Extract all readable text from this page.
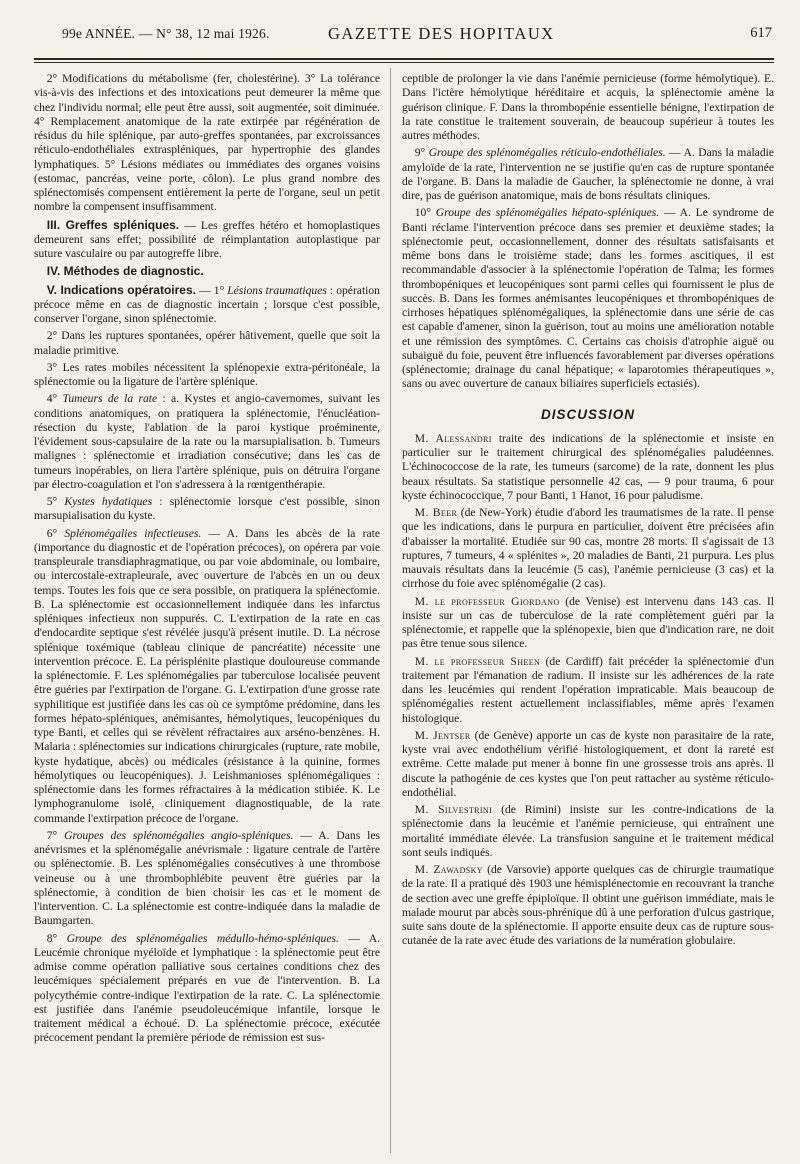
99e ANNÉE. — N° 38, 12 mai 1926.	GAZETTE DES HOPITAUX	617

2° Modifications du métabolisme (fer, cholestérine). 3° La tolérance vis-à-vis des infections et des intoxications peut demeurer la même que chez l'individu normal; elle peut être aussi, soit augmentée, soit diminuée. 4° Remplacement anatomique de la rate extirpée par régénération de résidus du hile splénique, par auto-greffes spontanées, par excroissances réticulo-endothéliales extraspléniques, par hypertrophie des glandes lymphatiques. 5° Lésions médiates ou immédiates des organes voisins (estomac, pancréas, veine porte, côlon). Le plus grand nombre des splénectomisés compensent entièrement la perte de l'organe, seul un petit nombre la compensent insuffisamment.

III. Greffes spléniques. — Les greffes hétéro et homoplastiques demeurent sans effet; possibilité de réimplantation autoplastique par suture vasculaire ou par autogreffe libre.

IV. Méthodes de diagnostic.

V. Indications opératoires. — 1° Lésions traumatiques : opération précoce même en cas de diagnostic incertain ; lorsque c'est possible, conserver l'organe, sinon splénectomie.

2° Dans les ruptures spontanées, opérer hâtivement, quelle que soit la maladie primitive.

3° Les rates mobiles nécessitent la splénopexie extra-péritonéale, la splénectomie ou la ligature de l'artère splénique.

4° Tumeurs de la rate : a. Kystes et angio-cavernomes, suivant les conditions anatomiques, on pratiquera la splénectomie, l'énucléation-résection du kyste, l'ablation de la paroi kystique proéminente, l'évidement sous-capsulaire de la rate ou la marsupialisation. b. Tumeurs malignes : splénectomie et irradiation consécutive; dans les cas de tumeurs inopérables, on liera l'artère splénique, puis on détruira l'organe par électro-coagulation et l'on s'adressera à la rœntgenthérapie.

5° Kystes hydatiques : splénectomie lorsque c'est possible, sinon marsupialisation du kyste.

6° Splénomégalies infectieuses. — A. Dans les abcès de la rate (importance du diagnostic et de l'opération précoces), on opérera par voie transpleurale transdiaphragmatique, ou par voie abdominale, ou lombaire, ou intercostale-extrapleurale, avec ouverture de l'abcès en un ou deux temps. Toutes les fois que ce sera possible, on pratiquera la splénectomie. B. La splénectomie est occasionnellement indiquée dans les infarctus spléniques infectieux non suppurés. C. L'extirpation de la rate en cas d'endocardite septique s'est révélée jusqu'à présent inutile. D. La nécrose splénique toxémique (tableau clinique de pancréatite) nécessite une intervention précoce. E. La périsplénite plastique douloureuse commande la splénectomie. F. Les splénomégalies par tuberculose localisée peuvent être guéries par l'extirpation de l'organe. G. L'extirpation d'une grosse rate syphilitique est justifiée dans les cas où ce symptôme prédomine, dans les formes hépato-spléniques, anémisantes, hémolytiques, leucopéniques du type Banti, et celles qui se révèlent réfractaires aux arséno-benzènes. H. Malaria : splénectomies sur indications chirurgicales (rupture, rate mobile, kyste hydatique, abcès) ou médicales (résistance à la quinine, formes hémolytiques ou leucopéniques). J. Leishmanioses splénomégaliques : splénectomie dans les formes réfractaires à la médication stibiée. K. Le lymphogranulome isolé, cliniquement diagnostiquable, de la rate commande l'extirpation précoce de l'organe.

7° Groupes des splénomégalies angio-spléniques. — A. Dans les anévrismes et la splénomégalie anévrismale : ligature centrale de l'artère ou splénectomie. B. Les splénomégalies consécutives à une thrombose veineuse ou à une thrombophlébite peuvent être guéries par la splénectomie, à condition de bien choisir les cas et le moment de l'intervention. C. La splénectomie est contre-indiquée dans la maladie de Baumgarten.

8° Groupe des splénomégalies médullo-hémo-spléniques. — A. Leucémie chronique myéloïde et lymphatique : la splénectomie peut être admise comme opération palliative sous certaines conditions chez des leucémiques spécialement préparés en vue de l'intervention. B. La polycythémie contre-indique l'extirpation de la rate. C. La splénectomie est justifiée dans l'anémie pseudoleucémique infantile, lorsque le traitement médical a échoué. D. La splénectomie précoce, exécutée précocement pendant la première période de rémission est sus-

ceptible de prolonger la vie dans l'anémie pernicieuse (forme hémolytique). E. Dans l'ictère hémolytique héréditaire et acquis, la splénectomie amène la guérison clinique. F. Dans la thrombopénie essentielle bénigne, l'extirpation de la rate constitue le traitement souverain, de beaucoup supérieur à toutes les autres méthodes.

9° Groupe des splénomégalies réticulo-endothéliales. — A. Dans la maladie amyloïde de la rate, l'intervention ne se justifie qu'en cas de rupture spontanée de l'organe. B. Dans la maladie de Gaucher, la splénectomie ne donne, à vrai dire, pas de guérison anatomique, mais de bons résultats cliniques.

10° Groupe des splénomégalies hépato-spléniques. — A. Le syndrome de Banti réclame l'intervention précoce dans ses premier et deuxième stades; la splénectomie peut, occasionnellement, donner des résultats satisfaisants et même bons dans le troisième stade; dans les formes ascitiques, il est recommandable d'associer à la splénectomie l'opération de Talma; les formes thrombopéniques et leucopéniques sont parmi celles qui fournissent le plus de succès. B. Dans les formes anémisantes leucopéniques et thrombopéniques de cirrhoses hépatiques splénomégaliques, la splénectomie dans une série de cas est capable d'amener, sinon la guérison, tout au moins une amélioration notable et une rémission des symptômes. C. Certains cas choisis d'atrophie aiguë ou subaiguë du foie, peuvent être influencés favorablement par diverses opérations (splénectomie; drainage du canal hépatique; « laparotomies thérapeutiques », sans ou avec ouverture de canaux biliaires superficiels ectasiés).

DISCUSSION

M. Alessandri traite des indications de la splénectomie et insiste en particulier sur le traitement chirurgical des splénomégalies paludéennes. L'échinococcose de la rate, les tumeurs (sarcome) de la rate, donnent les plus beaux résultats. Sa statistique personnelle 42 cas, — 9 pour trauma, 6 pour kyste échinococcique, 7 pour Banti, 1 Hanot, 16 pour paludisme.

M. Beer (de New-York) étudie d'abord les traumatismes de la rate. Il pense que les indications, dans le purpura en particulier, doivent être précisées afin d'abaisser la mortalité. Etudiée sur 90 cas, montre 28 morts. Il s'agissait de 13 ruptures, 7 tumeurs, 4 « splénites », 20 maladies de Banti, 21 purpura. Les plus mauvais résultats dans la leucémie (5 cas), l'anémie pernicieuse (3 cas) et la cirrhose du foie avec splénomégalie (2 cas).

M. le professeur Giordano (de Venise) est intervenu dans 143 cas. Il insiste sur un cas de tuberculose de la rate complètement guéri par la splénectomie, et rappelle que la splénopexie, bien que d'indication rare, ne doit pas être tenue sous silence.

M. le professeur Sheen (de Cardiff) fait précéder la splénectomie d'un traitement par l'émanation de radium. Il insiste sur les adhérences de la rate dans les leucémies qui rendent l'opération impraticable. Mais beaucoup de splénomégalies restent actuellement inclassifiables, même après l'examen histologique.

M. Jentser (de Genève) apporte un cas de kyste non parasitaire de la rate, kyste vrai avec endothélium vérifié histologiquement, et dont la rareté est extrême. Cette malade put mener à bonne fin une grossesse trois ans après. Il discute la pathogénie de ces kystes que l'on peut rattacher au système réticulo-endothélial.

M. Silvestrini (de Rimini) insiste sur les contre-indications de la splénectomie dans la leucémie et l'anémie pernicieuse, qui entraînent une mortalité immédiate élevée. La transfusion sanguine et le traitement médical sont seuls indiqués.

M. Zawadsky (de Varsovie) apporte quelques cas de chirurgie traumatique de la rate. Il a pratiqué dès 1903 une hémisplénectomie en recouvrant la tranche de section avec une greffe épiploïque. Il obtint une guérison immédiate, mais le malade mourut par abcès sous-phrénique dû à une perforation d'ulcus gastrique, suite sans doute de la splénectomie. Il apporte ensuite deux cas de rupture sous-cutanée de la rate avec étude des variations de la numération globulaire.
